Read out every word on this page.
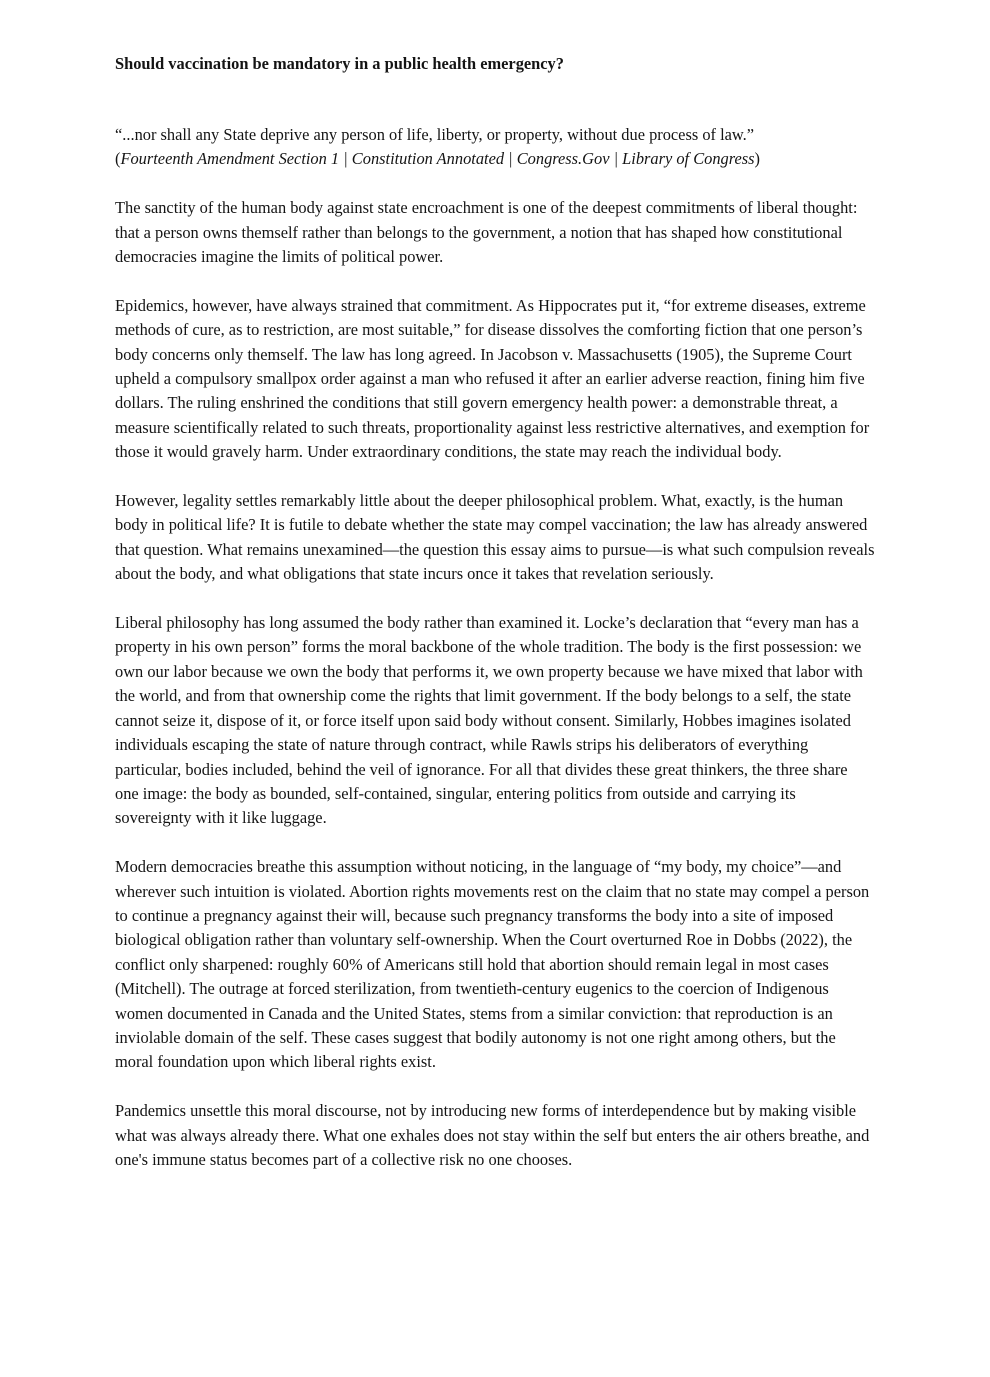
Should vaccination be mandatory in a public health emergency?

“...nor shall any State deprive any person of life, liberty, or property, without due process of law.”
(Fourteenth Amendment Section 1 | Constitution Annotated | Congress.Gov | Library of Congress)

The sanctity of the human body against state encroachment is one of the deepest commitments of liberal thought: that a person owns themself rather than belongs to the government, a notion that has shaped how constitutional democracies imagine the limits of political power.

Epidemics, however, have always strained that commitment. As Hippocrates put it, “for extreme diseases, extreme methods of cure, as to restriction, are most suitable,” for disease dissolves the comforting fiction that one person’s body concerns only themself. The law has long agreed. In Jacobson v. Massachusetts (1905), the Supreme Court upheld a compulsory smallpox order against a man who refused it after an earlier adverse reaction, fining him five dollars. The ruling enshrined the conditions that still govern emergency health power: a demonstrable threat, a measure scientifically related to such threats, proportionality against less restrictive alternatives, and exemption for those it would gravely harm. Under extraordinary conditions, the state may reach the individual body.

However, legality settles remarkably little about the deeper philosophical problem. What, exactly, is the human body in political life? It is futile to debate whether the state may compel vaccination; the law has already answered that question. What remains unexamined—the question this essay aims to pursue—is what such compulsion reveals about the body, and what obligations that state incurs once it takes that revelation seriously.

Liberal philosophy has long assumed the body rather than examined it. Locke’s declaration that “every man has a property in his own person” forms the moral backbone of the whole tradition. The body is the first possession: we own our labor because we own the body that performs it, we own property because we have mixed that labor with the world, and from that ownership come the rights that limit government. If the body belongs to a self, the state cannot seize it, dispose of it, or force itself upon said body without consent. Similarly, Hobbes imagines isolated individuals escaping the state of nature through contract, while Rawls strips his deliberators of everything particular, bodies included, behind the veil of ignorance. For all that divides these great thinkers, the three share one image: the body as bounded, self-contained, singular, entering politics from outside and carrying its sovereignty with it like luggage.

Modern democracies breathe this assumption without noticing, in the language of “my body, my choice”—and wherever such intuition is violated. Abortion rights movements rest on the claim that no state may compel a person to continue a pregnancy against their will, because such pregnancy transforms the body into a site of imposed biological obligation rather than voluntary self-ownership. When the Court overturned Roe in Dobbs (2022), the conflict only sharpened: roughly 60% of Americans still hold that abortion should remain legal in most cases (Mitchell). The outrage at forced sterilization, from twentieth-century eugenics to the coercion of Indigenous women documented in Canada and the United States, stems from a similar conviction: that reproduction is an inviolable domain of the self. These cases suggest that bodily autonomy is not one right among others, but the moral foundation upon which liberal rights exist.

Pandemics unsettle this moral discourse, not by introducing new forms of interdependence but by making visible what was always already there. What one exhales does not stay within the self but enters the air others breathe, and one's immune status becomes part of a collective risk no one chooses.
